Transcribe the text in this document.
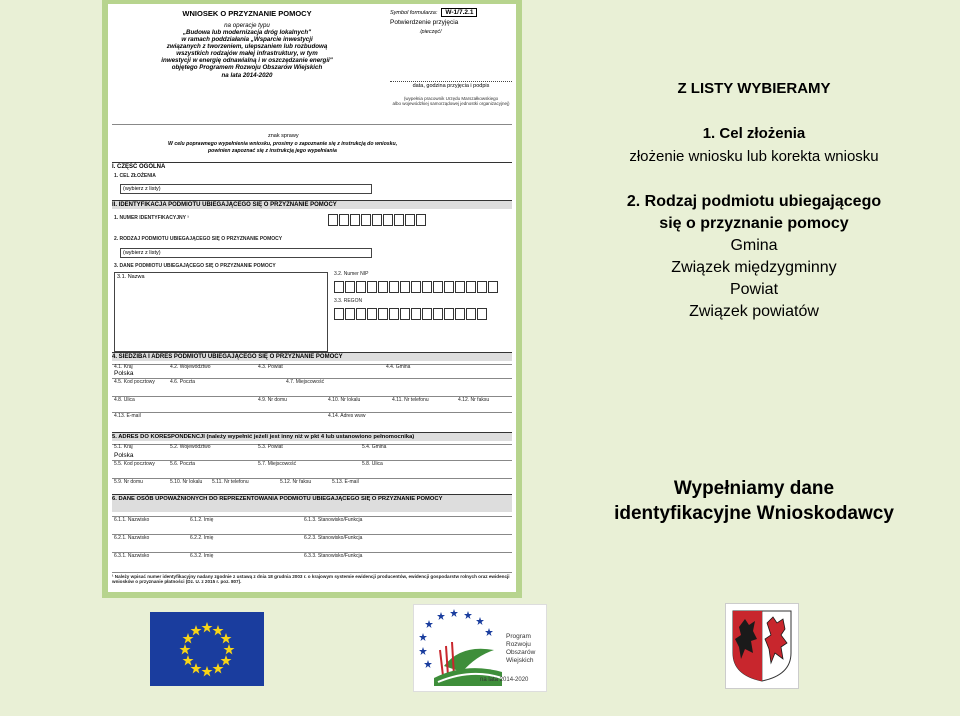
WNIOSEK O PRZYZNANIE POMOCY
na operacje typu
„Budowa lub modernizacja dróg lokalnych"
w ramach poddziałania „Wsparcie inwestycji
związanych z tworzeniem, ulepszaniem lub rozbudową
wszystkich rodzajów małej infrastruktury, w tym
inwestycji w energię odnawialną i w oszczędzanie energii"
objętego Programem Rozwoju Obszarów Wiejskich
na lata 2014-2020
Symbol formularza: W-1/7.2.1
Potwierdzenie przyjęcia
/pieczęć/
data, godzina przyjęcia i podpis
(wypełnia pracownik Urzędu Marszałkowskiego
albo wojewódzkiej samorządowej jednostki organizacyjnej)
znak sprawy
W celu poprawnego wypełnienia wniosku, prosimy o zapoznanie się z instrukcją do wniosku,
powinien zapoznać się z instrukcją jego wypełniania
I. CZĘŚĆ OGÓLNA
1. CEL ZŁOŻENIA
(wybierz z listy)
II. IDENTYFIKACJA PODMIOTU UBIEGAJĄCEGO SIĘ O PRZYZNANIE POMOCY
1. NUMER IDENTYFIKACYJNY ¹
2. RODZAJ PODMIOTU UBIEGAJĄCEGO SIĘ O PRZYZNANIE POMOCY
(wybierz z listy)
3. DANE PODMIOTU UBIEGAJĄCEGO SIĘ O PRZYZNANIE POMOCY
3.1. Nazwa	3.2. Numer NIP
3.3. REGON
4. SIEDZIBA I ADRES PODMIOTU UBIEGAJĄCEGO SIĘ O PRZYZNANIE POMOCY
4.1. Kraj	4.2. Województwo	4.3. Powiat	4.4. Gmina
Polska
4.5. Kod pocztowy	4.6. Poczta	4.7. Miejscowość
4.8. Ulica	4.9. Nr domu	4.10. Nr lokalu	4.11. Nr telefonu	4.12. Nr faksu
4.13. E-mail	4.14. Adres www
5. ADRES DO KORESPONDENCJI (należy wypełnić jeżeli jest inny niż w pkt 4 lub ustanowiono pełnomocnika)
5.1. Kraj	5.2. Województwo	5.3. Powiat	5.4. Gmina
Polska
5.5. Kod pocztowy	5.6. Poczta	5.7. Miejscowość	5.8. Ulica
5.9. Nr domu	5.10. Nr lokalu 5.11. Nr telefonu	5.12. Nr faksu	5.13. E-mail
6. DANE OSÓB UPOWAŻNIONYCH DO REPREZENTOWANIA PODMIOTU UBIEGAJĄCEGO SIĘ O PRZYZNANIE POMOCY
6.1.1. Nazwisko	6.1.2. Imię	6.1.3. Stanowisko/Funkcja
6.2.1. Nazwisko	6.2.2. Imię	6.2.3. Stanowisko/Funkcja
6.3.1. Nazwisko	6.3.2. Imię	6.3.3. Stanowisko/Funkcja
¹ Należy wpisać numer identyfikacyjny nadany zgodnie z ustawą z dnia 18 grudnia 2003 r. o krajowym systemie ewidencji producentów, ewidencji gospodarstw rolnych oraz ewidencji wniosków o przyznanie płatności (Dz. U. z 2015 r. poz. 807).
Z LISTY WYBIERAMY
1. Cel złożenia
złożenie wniosku lub korekta wniosku
2. Rodzaj podmiotu ubiegającego
się o przyznanie pomocy
Gmina
Związek międzygminny
Powiat
Związek powiatów
Wypełniamy dane
identyfikacyjne Wnioskodawcy
Program
Rozwoju
Obszarów
Wiejskich
na lata 2014-2020
